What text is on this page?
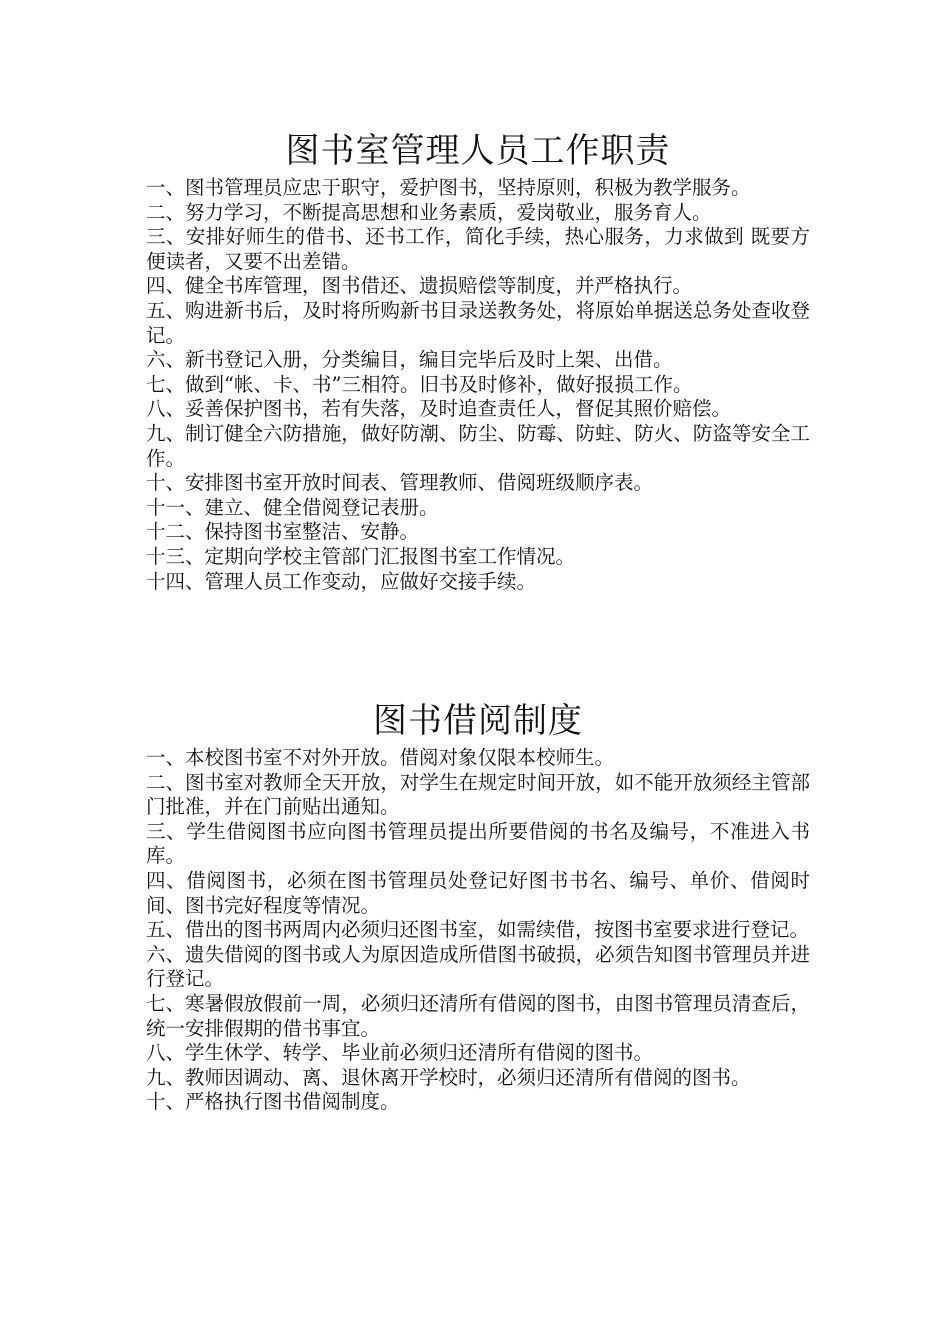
图书室管理人员工作职责

一、图书管理员应忠于职守，爱护图书，坚持原则，积极为教学服务。

二、努力学习，不断提高思想和业务素质，爱岗敬业，服务育人。

三、安排好师生的借书、还书工作，简化手续，热心服务，力求做到 既要方便读者，又要不出差错。

四、健全书库管理，图书借还、遗损赔偿等制度，并严格执行。

五、购进新书后，及时将所购新书目录送教务处，将原始单据送总务处查收登记。

六、新书登记入册，分类编目，编目完毕后及时上架、出借。

七、做到“帐、卡、书”三相符。旧书及时修补，做好报损工作。

八、妥善保护图书，若有失落，及时追查责任人，督促其照价赔偿。

九、制订健全六防措施，做好防潮、防尘、防霉、防蛀、防火、防盗等安全工作。

十、安排图书室开放时间表、管理教师、借阅班级顺序表。

十一、建立、健全借阅登记表册。

十二、保持图书室整洁、安静。

十三、定期向学校主管部门汇报图书室工作情况。

十四、管理人员工作变动，应做好交接手续。

图书借阅制度

一、本校图书室不对外开放。借阅对象仅限本校师生。

二、图书室对教师全天开放，对学生在规定时间开放，如不能开放须经主管部门批准，并在门前贴出通知。

三、学生借阅图书应向图书管理员提出所要借阅的书名及编号，不准进入书库。

四、借阅图书，必须在图书管理员处登记好图书书名、编号、单价、借阅时间、图书完好程度等情况。

五、借出的图书两周内必须归还图书室，如需续借，按图书室要求进行登记。

六、遗失借阅的图书或人为原因造成所借图书破损，必须告知图书管理员并进行登记。

七、寒暑假放假前一周，必须归还清所有借阅的图书，由图书管理员清查后，统一安排假期的借书事宜。

八、学生休学、转学、毕业前必须归还清所有借阅的图书。

九、教师因调动、离、退休离开学校时，必须归还清所有借阅的图书。

十、严格执行图书借阅制度。
